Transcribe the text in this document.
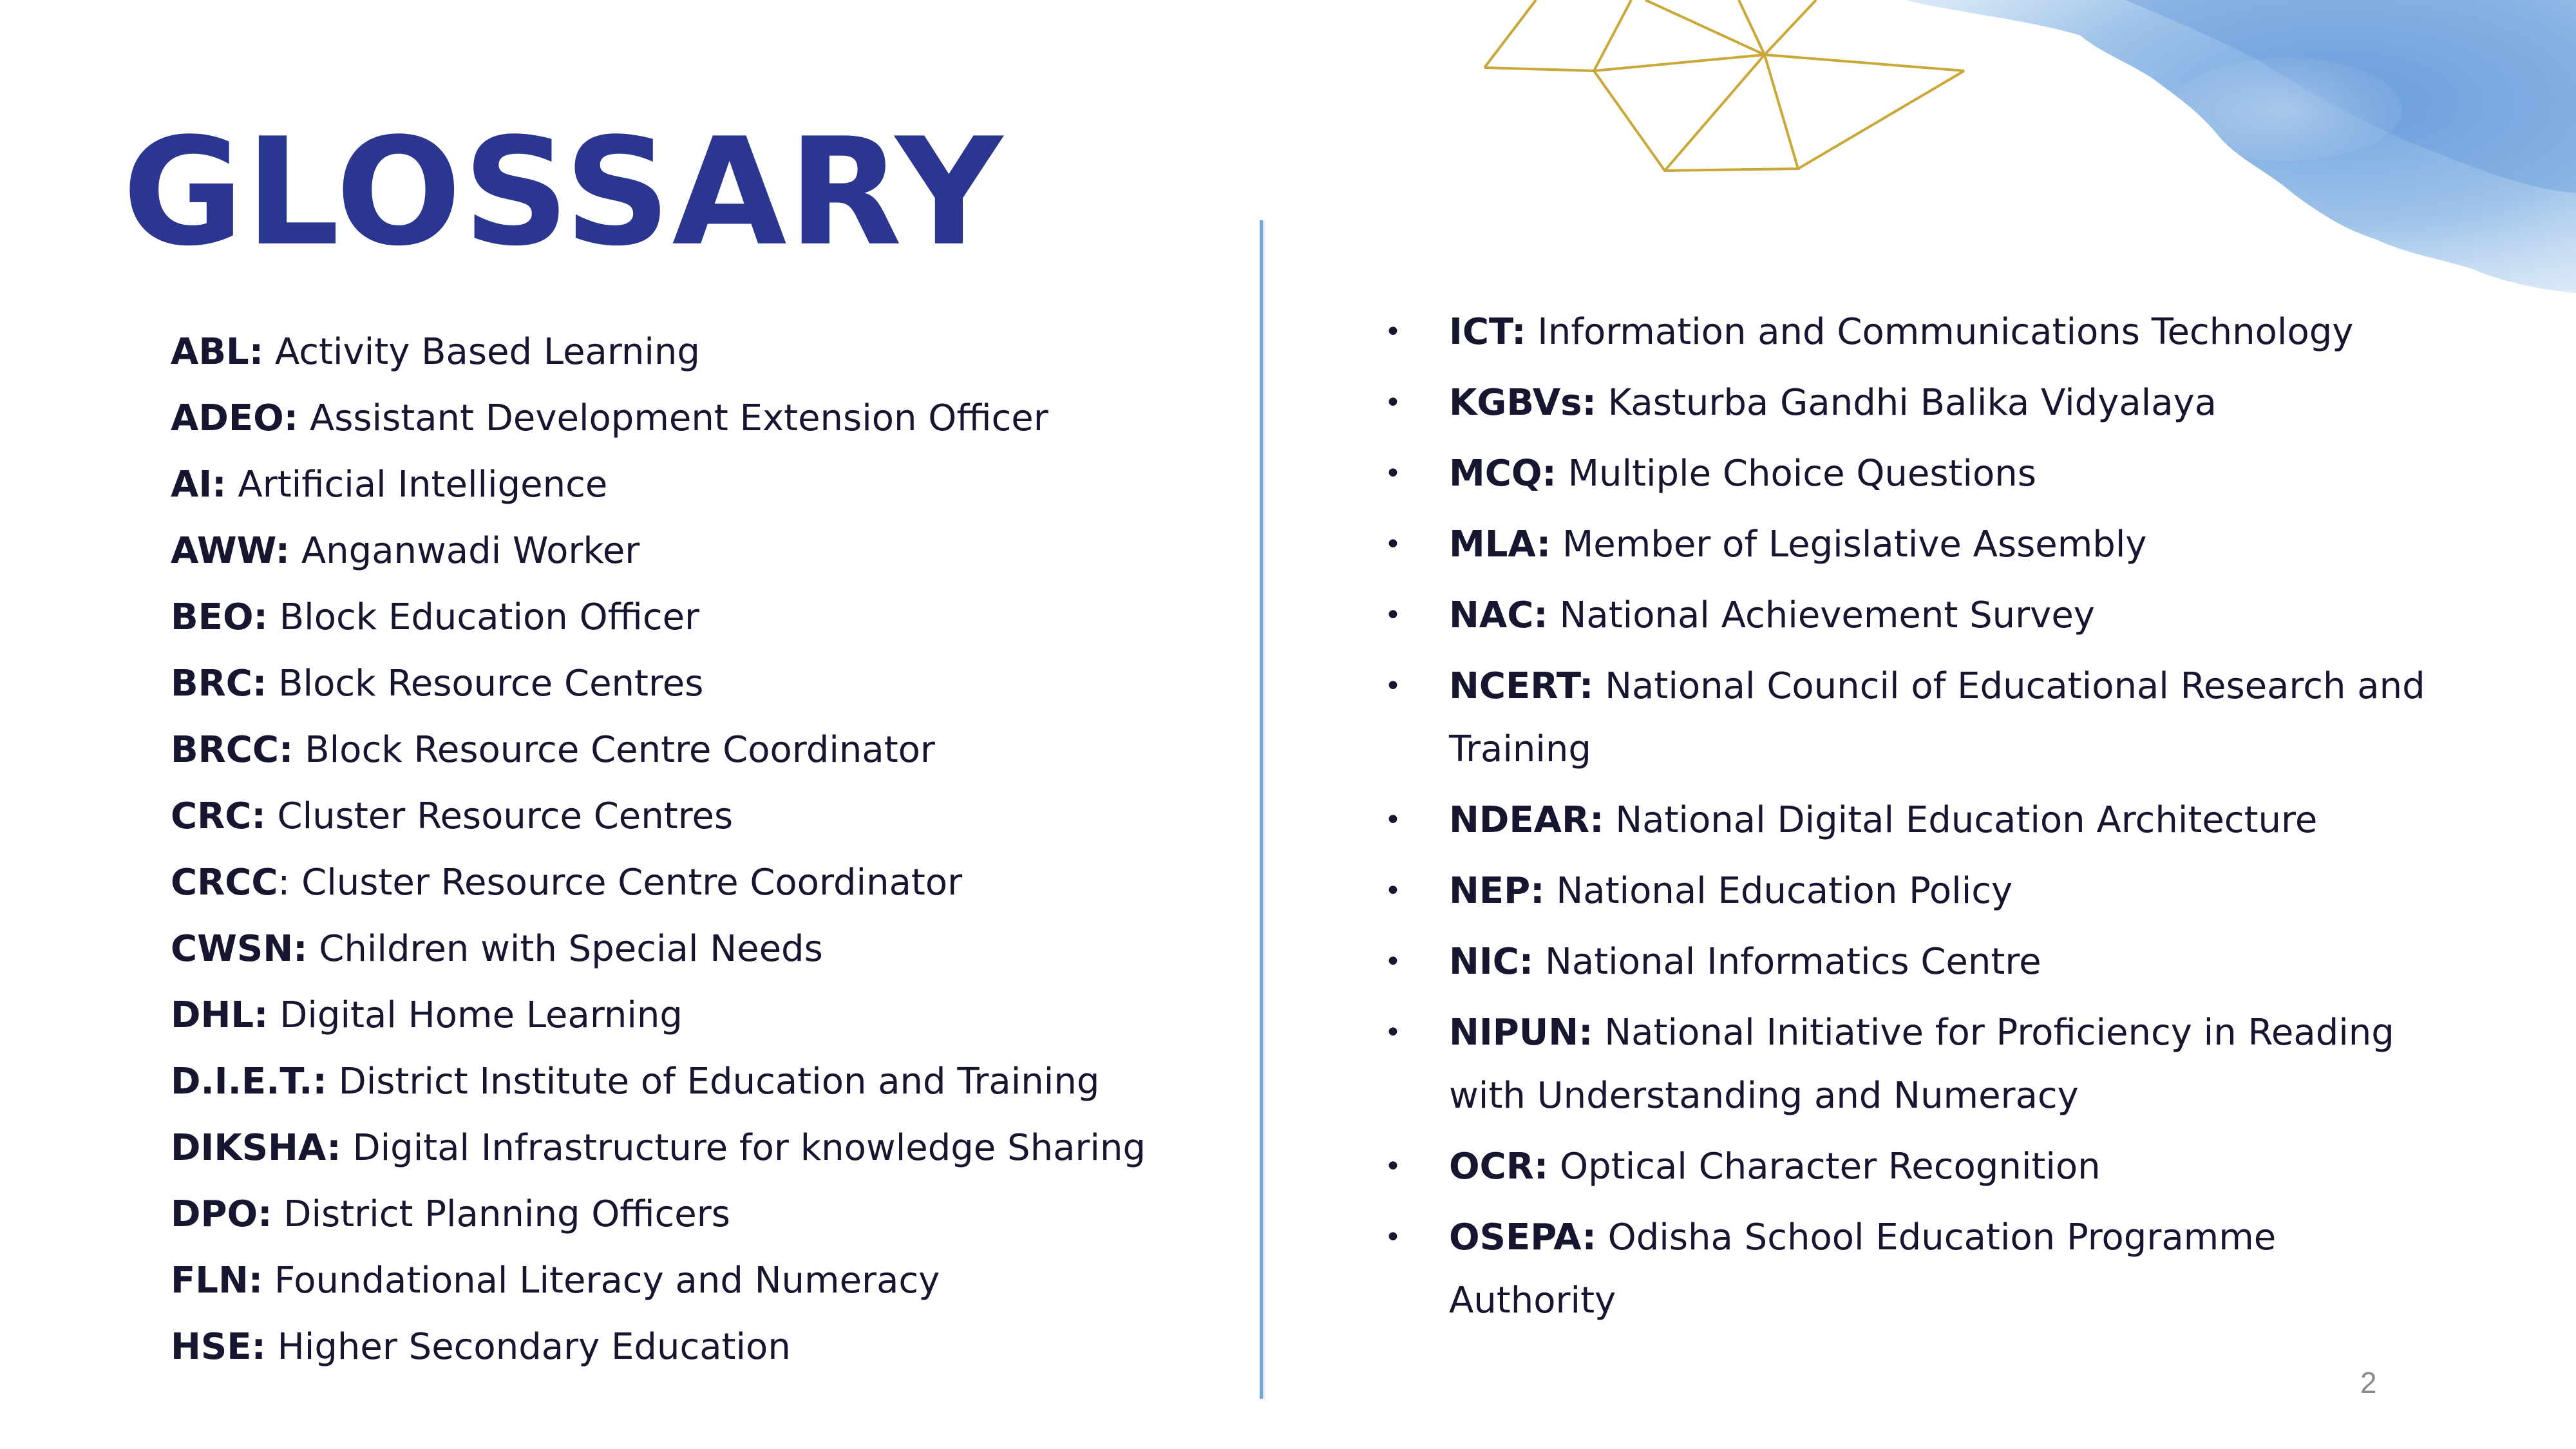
GLOSSARY
ABL: Activity Based Learning
ADEO: Assistant Development Extension Officer
AI: Artificial Intelligence
AWW: Anganwadi Worker
BEO: Block Education Officer
BRC: Block Resource Centres
BRCC: Block Resource Centre Coordinator
CRC: Cluster Resource Centres
CRCC: Cluster Resource Centre Coordinator
CWSN: Children with Special Needs
DHL: Digital Home Learning
D.I.E.T.: District Institute of Education and Training
DIKSHA: Digital Infrastructure for knowledge Sharing
DPO: District Planning Officers
FLN: Foundational Literacy and Numeracy
HSE: Higher Secondary Education
• ICT: Information and Communications Technology
• KGBVs: Kasturba Gandhi Balika Vidyalaya
• MCQ: Multiple Choice Questions
• MLA: Member of Legislative Assembly
• NAC: National Achievement Survey
• NCERT: National Council of Educational Research and Training
• NDEAR: National Digital Education Architecture
• NEP: National Education Policy
• NIC: National Informatics Centre
• NIPUN: National Initiative for Proficiency in Reading with Understanding and Numeracy
• OCR: Optical Character Recognition
• OSEPA: Odisha School Education Programme Authority
2
